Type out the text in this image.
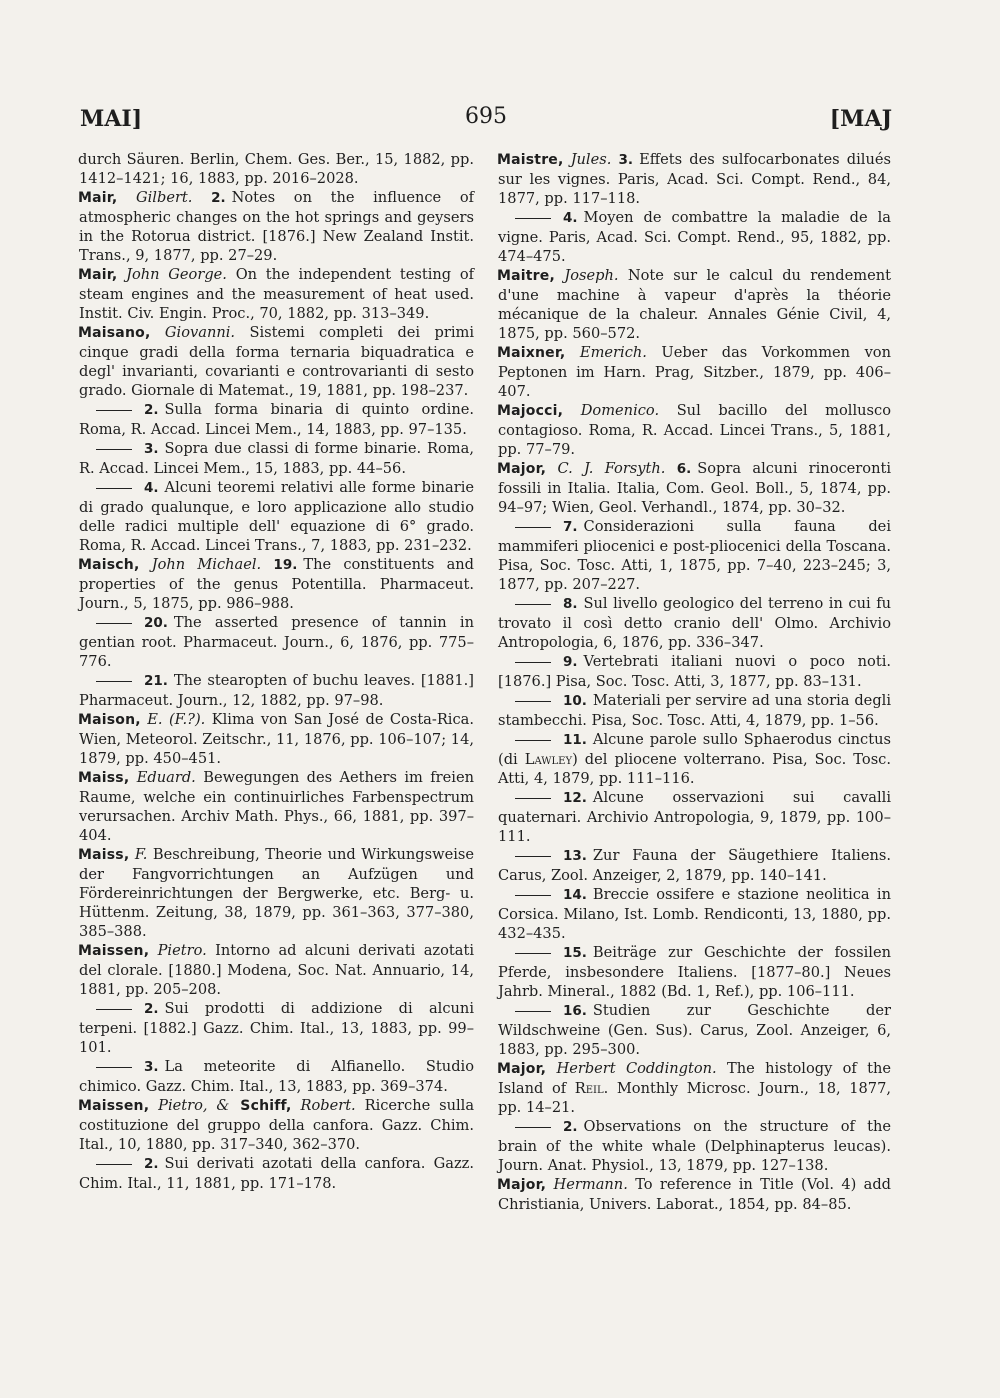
MAI]	695	[MAJ

durch Säuren. Berlin, Chem. Ges. Ber., 15, 1882, pp. 1412–1421; 16, 1883, pp. 2016–2028.

Mair, Gilbert. 2. Notes on the influence of atmospheric changes on the hot springs and geysers in the Rotorua district. [1876.] New Zealand Instit. Trans., 9, 1877, pp. 27–29.

Mair, John George. On the independent testing of steam engines and the measurement of heat used. Instit. Civ. Engin. Proc., 70, 1882, pp. 313–349.

Maisano, Giovanni. Sistemi completi dei primi cinque gradi della forma ternaria biquadratica e degl' invarianti, covarianti e controvarianti di sesto grado. Giornale di Matemat., 19, 1881, pp. 198–237.

2. Sulla forma binaria di quinto ordine. Roma, R. Accad. Lincei Mem., 14, 1883, pp. 97–135.

3. Sopra due classi di forme binarie. Roma, R. Accad. Lincei Mem., 15, 1883, pp. 44–56.

4. Alcuni teoremi relativi alle forme binarie di grado qualunque, e loro applicazione allo studio delle radici multiple dell' equazione di 6° grado. Roma, R. Accad. Lincei Trans., 7, 1883, pp. 231–232.

Maisch, John Michael. 19. The constituents and properties of the genus Potentilla. Pharmaceut. Journ., 5, 1875, pp. 986–988.

20. The asserted presence of tannin in gentian root. Pharmaceut. Journ., 6, 1876, pp. 775–776.

21. The stearopten of buchu leaves. [1881.] Pharmaceut. Journ., 12, 1882, pp. 97–98.

Maison, E. (F.?). Klima von San José de Costa-Rica. Wien, Meteorol. Zeitschr., 11, 1876, pp. 106–107; 14, 1879, pp. 450–451.

Maiss, Eduard. Bewegungen des Aethers im freien Raume, welche ein continuirliches Farbenspectrum verursachen. Archiv Math. Phys., 66, 1881, pp. 397–404.

Maiss, F. Beschreibung, Theorie und Wirkungsweise der Fangvorrichtungen an Aufzügen und Fördereinrichtungen der Bergwerke, etc. Berg- u. Hüttenm. Zeitung, 38, 1879, pp. 361–363, 377–380, 385–388.

Maissen, Pietro. Intorno ad alcuni derivati azotati del clorale. [1880.] Modena, Soc. Nat. Annuario, 14, 1881, pp. 205–208.

2. Sui prodotti di addizione di alcuni terpeni. [1882.] Gazz. Chim. Ital., 13, 1883, pp. 99–101.

3. La meteorite di Alfianello. Studio chimico. Gazz. Chim. Ital., 13, 1883, pp. 369–374.

Maissen, Pietro, & Schiff, Robert. Ricerche sulla costituzione del gruppo della canfora. Gazz. Chim. Ital., 10, 1880, pp. 317–340, 362–370.

2. Sui derivati azotati della canfora. Gazz. Chim. Ital., 11, 1881, pp. 171–178.

Maistre, Jules. 3. Effets des sulfocarbonates dilués sur les vignes. Paris, Acad. Sci. Compt. Rend., 84, 1877, pp. 117–118.

4. Moyen de combattre la maladie de la vigne. Paris, Acad. Sci. Compt. Rend., 95, 1882, pp. 474–475.

Maitre, Joseph. Note sur le calcul du rendement d'une machine à vapeur d'après la théorie mécanique de la chaleur. Annales Génie Civil, 4, 1875, pp. 560–572.

Maixner, Emerich. Ueber das Vorkommen von Peptonen im Harn. Prag, Sitzber., 1879, pp. 406–407.

Majocci, Domenico. Sul bacillo del mollusco contagioso. Roma, R. Accad. Lincei Trans., 5, 1881, pp. 77–79.

Major, C. J. Forsyth. 6. Sopra alcuni rinoceronti fossili in Italia. Italia, Com. Geol. Boll., 5, 1874, pp. 94–97; Wien, Geol. Verhandl., 1874, pp. 30–32.

7. Considerazioni sulla fauna dei mammiferi pliocenici e post-pliocenici della Toscana. Pisa, Soc. Tosc. Atti, 1, 1875, pp. 7–40, 223–245; 3, 1877, pp. 207–227.

8. Sul livello geologico del terreno in cui fu trovato il così detto cranio dell' Olmo. Archivio Antropologia, 6, 1876, pp. 336–347.

9. Vertebrati italiani nuovi o poco noti. [1876.] Pisa, Soc. Tosc. Atti, 3, 1877, pp. 83–131.

10. Materiali per servire ad una storia degli stambecchi. Pisa, Soc. Tosc. Atti, 4, 1879, pp. 1–56.

11. Alcune parole sullo Sphaerodus cinctus (di Lawley) del pliocene volterrano. Pisa, Soc. Tosc. Atti, 4, 1879, pp. 111–116.

12. Alcune osservazioni sui cavalli quaternari. Archivio Antropologia, 9, 1879, pp. 100–111.

13. Zur Fauna der Säugethiere Italiens. Carus, Zool. Anzeiger, 2, 1879, pp. 140–141.

14. Breccie ossifere e stazione neolitica in Corsica. Milano, Ist. Lomb. Rendiconti, 13, 1880, pp. 432–435.

15. Beiträge zur Geschichte der fossilen Pferde, insbesondere Italiens. [1877–80.] Neues Jahrb. Mineral., 1882 (Bd. 1, Ref.), pp. 106–111.

16. Studien zur Geschichte der Wildschweine (Gen. Sus). Carus, Zool. Anzeiger, 6, 1883, pp. 295–300.

Major, Herbert Coddington. The histology of the Island of Reil. Monthly Microsc. Journ., 18, 1877, pp. 14–21.

2. Observations on the structure of the brain of the white whale (Delphinapterus leucas). Journ. Anat. Physiol., 13, 1879, pp. 127–138.

Major, Hermann. To reference in Title (Vol. 4) add Christiania, Univers. Laborat., 1854, pp. 84–85.
